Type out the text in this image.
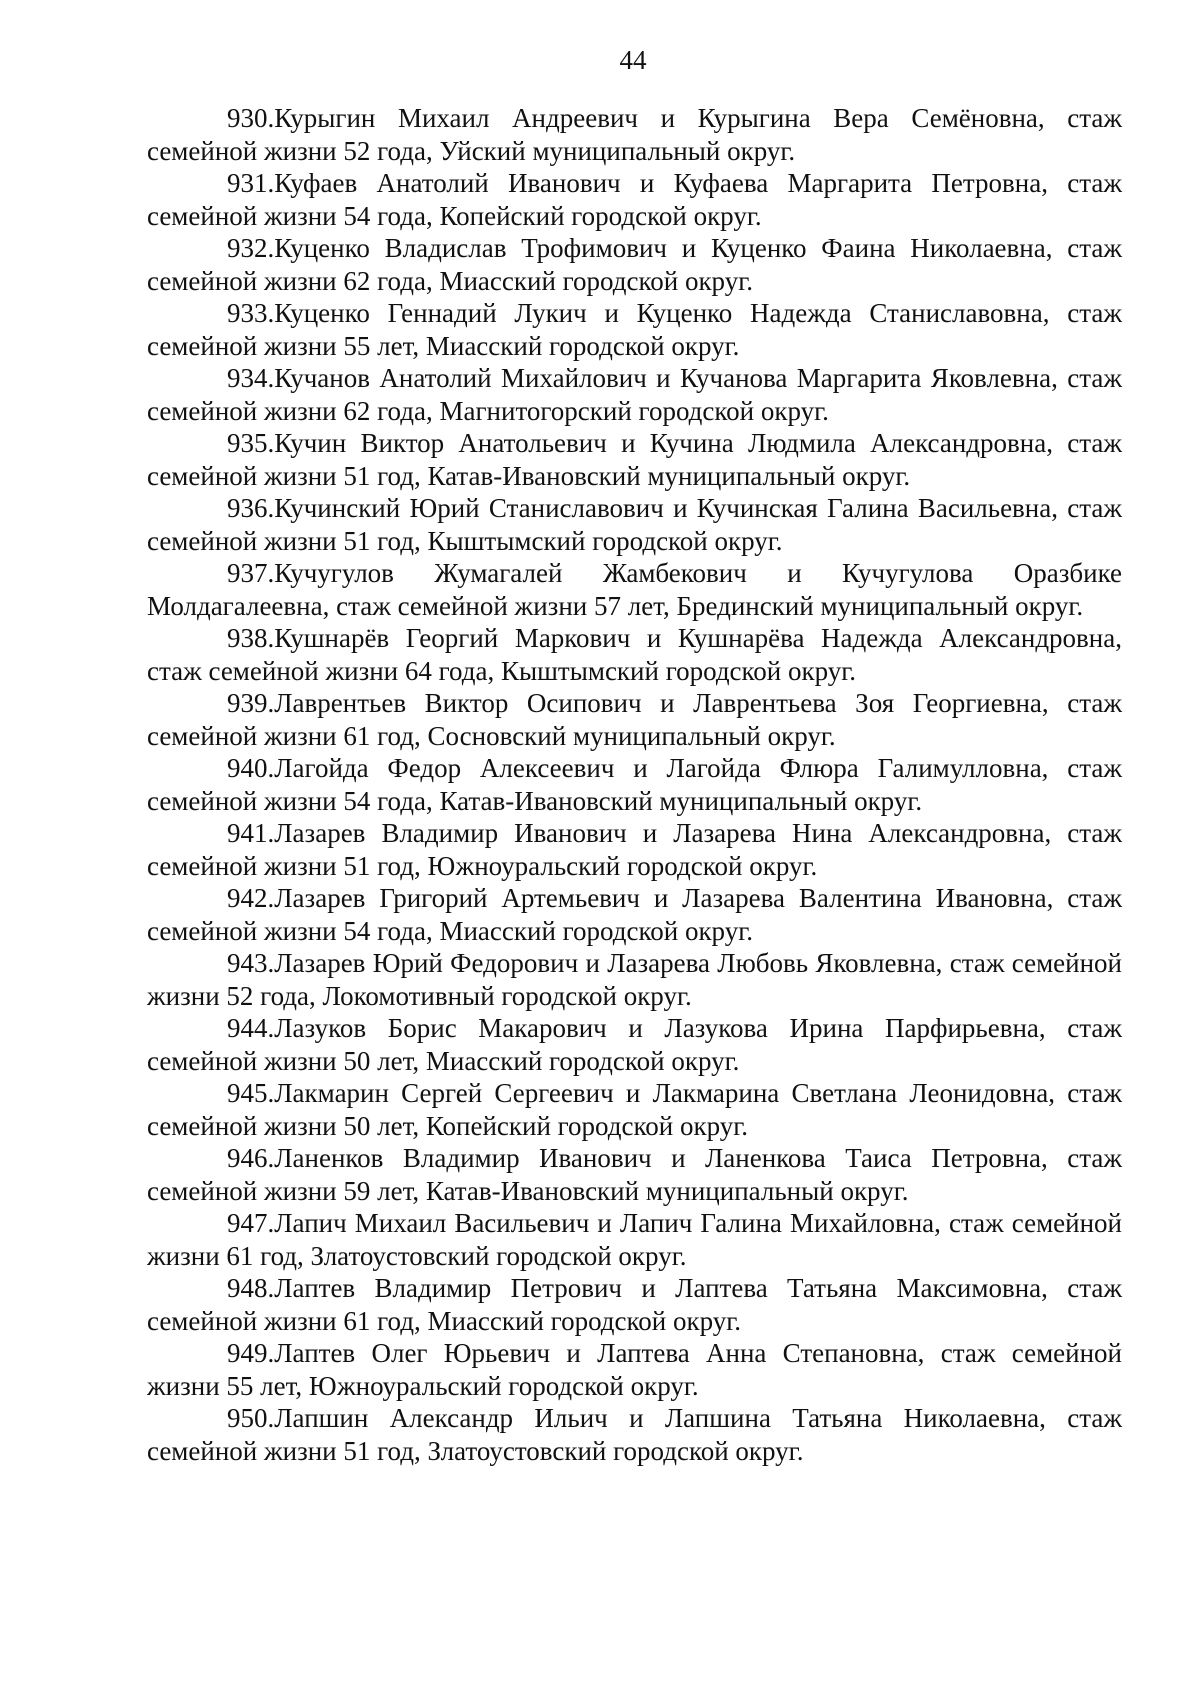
44

930.Курыгин Михаил Андреевич и Курыгина Вера Семёновна, стаж семейной жизни 52 года, Уйский муниципальный округ.

931.Куфаев Анатолий Иванович и Куфаева Маргарита Петровна, стаж семейной жизни 54 года, Копейский городской округ.

932.Куценко Владислав Трофимович и Куценко Фаина Николаевна, стаж семейной жизни 62 года, Миасский городской округ.

933.Куценко Геннадий Лукич и Куценко Надежда Станиславовна, стаж семейной жизни 55 лет, Миасский городской округ.

934.Кучанов Анатолий Михайлович и Кучанова Маргарита Яковлевна, стаж семейной жизни 62 года, Магнитогорский городской округ.

935.Кучин Виктор Анатольевич и Кучина Людмила Александровна, стаж семейной жизни 51 год, Катав-Ивановский муниципальный округ.

936.Кучинский Юрий Станиславович и Кучинская Галина Васильевна, стаж семейной жизни 51 год, Кыштымский городской округ.

937.Кучугулов Жумагалей Жамбекович и Кучугулова Оразбике Молдагалеевна, стаж семейной жизни 57 лет, Брединский муниципальный округ.

938.Кушнарёв Георгий Маркович и Кушнарёва Надежда Александровна, стаж семейной жизни 64 года, Кыштымский городской округ.

939.Лаврентьев Виктор Осипович и Лаврентьева Зоя Георгиевна, стаж семейной жизни 61 год, Сосновский муниципальный округ.

940.Лагойда Федор Алексеевич и Лагойда Флюра Галимулловна, стаж семейной жизни 54 года, Катав-Ивановский муниципальный округ.

941.Лазарев Владимир Иванович и Лазарева Нина Александровна, стаж семейной жизни 51 год, Южноуральский городской округ.

942.Лазарев Григорий Артемьевич и Лазарева Валентина Ивановна, стаж семейной жизни 54 года, Миасский городской округ.

943.Лазарев Юрий Федорович и Лазарева Любовь Яковлевна, стаж семейной жизни 52 года, Локомотивный городской округ.

944.Лазуков Борис Макарович и Лазукова Ирина Парфирьевна, стаж семейной жизни 50 лет, Миасский городской округ.

945.Лакмарин Сергей Сергеевич и Лакмарина Светлана Леонидовна, стаж семейной жизни 50 лет, Копейский городской округ.

946.Ланенков Владимир Иванович и Ланенкова Таиса Петровна, стаж семейной жизни 59 лет, Катав-Ивановский муниципальный округ.

947.Лапич Михаил Васильевич и Лапич Галина Михайловна, стаж семейной жизни 61 год, Златоустовский городской округ.

948.Лаптев Владимир Петрович и Лаптева Татьяна Максимовна, стаж семейной жизни 61 год, Миасский городской округ.

949.Лаптев Олег Юрьевич и Лаптева Анна Степановна, стаж семейной жизни 55 лет, Южноуральский городской округ.

950.Лапшин Александр Ильич и Лапшина Татьяна Николаевна, стаж семейной жизни 51 год, Златоустовский городской округ.
